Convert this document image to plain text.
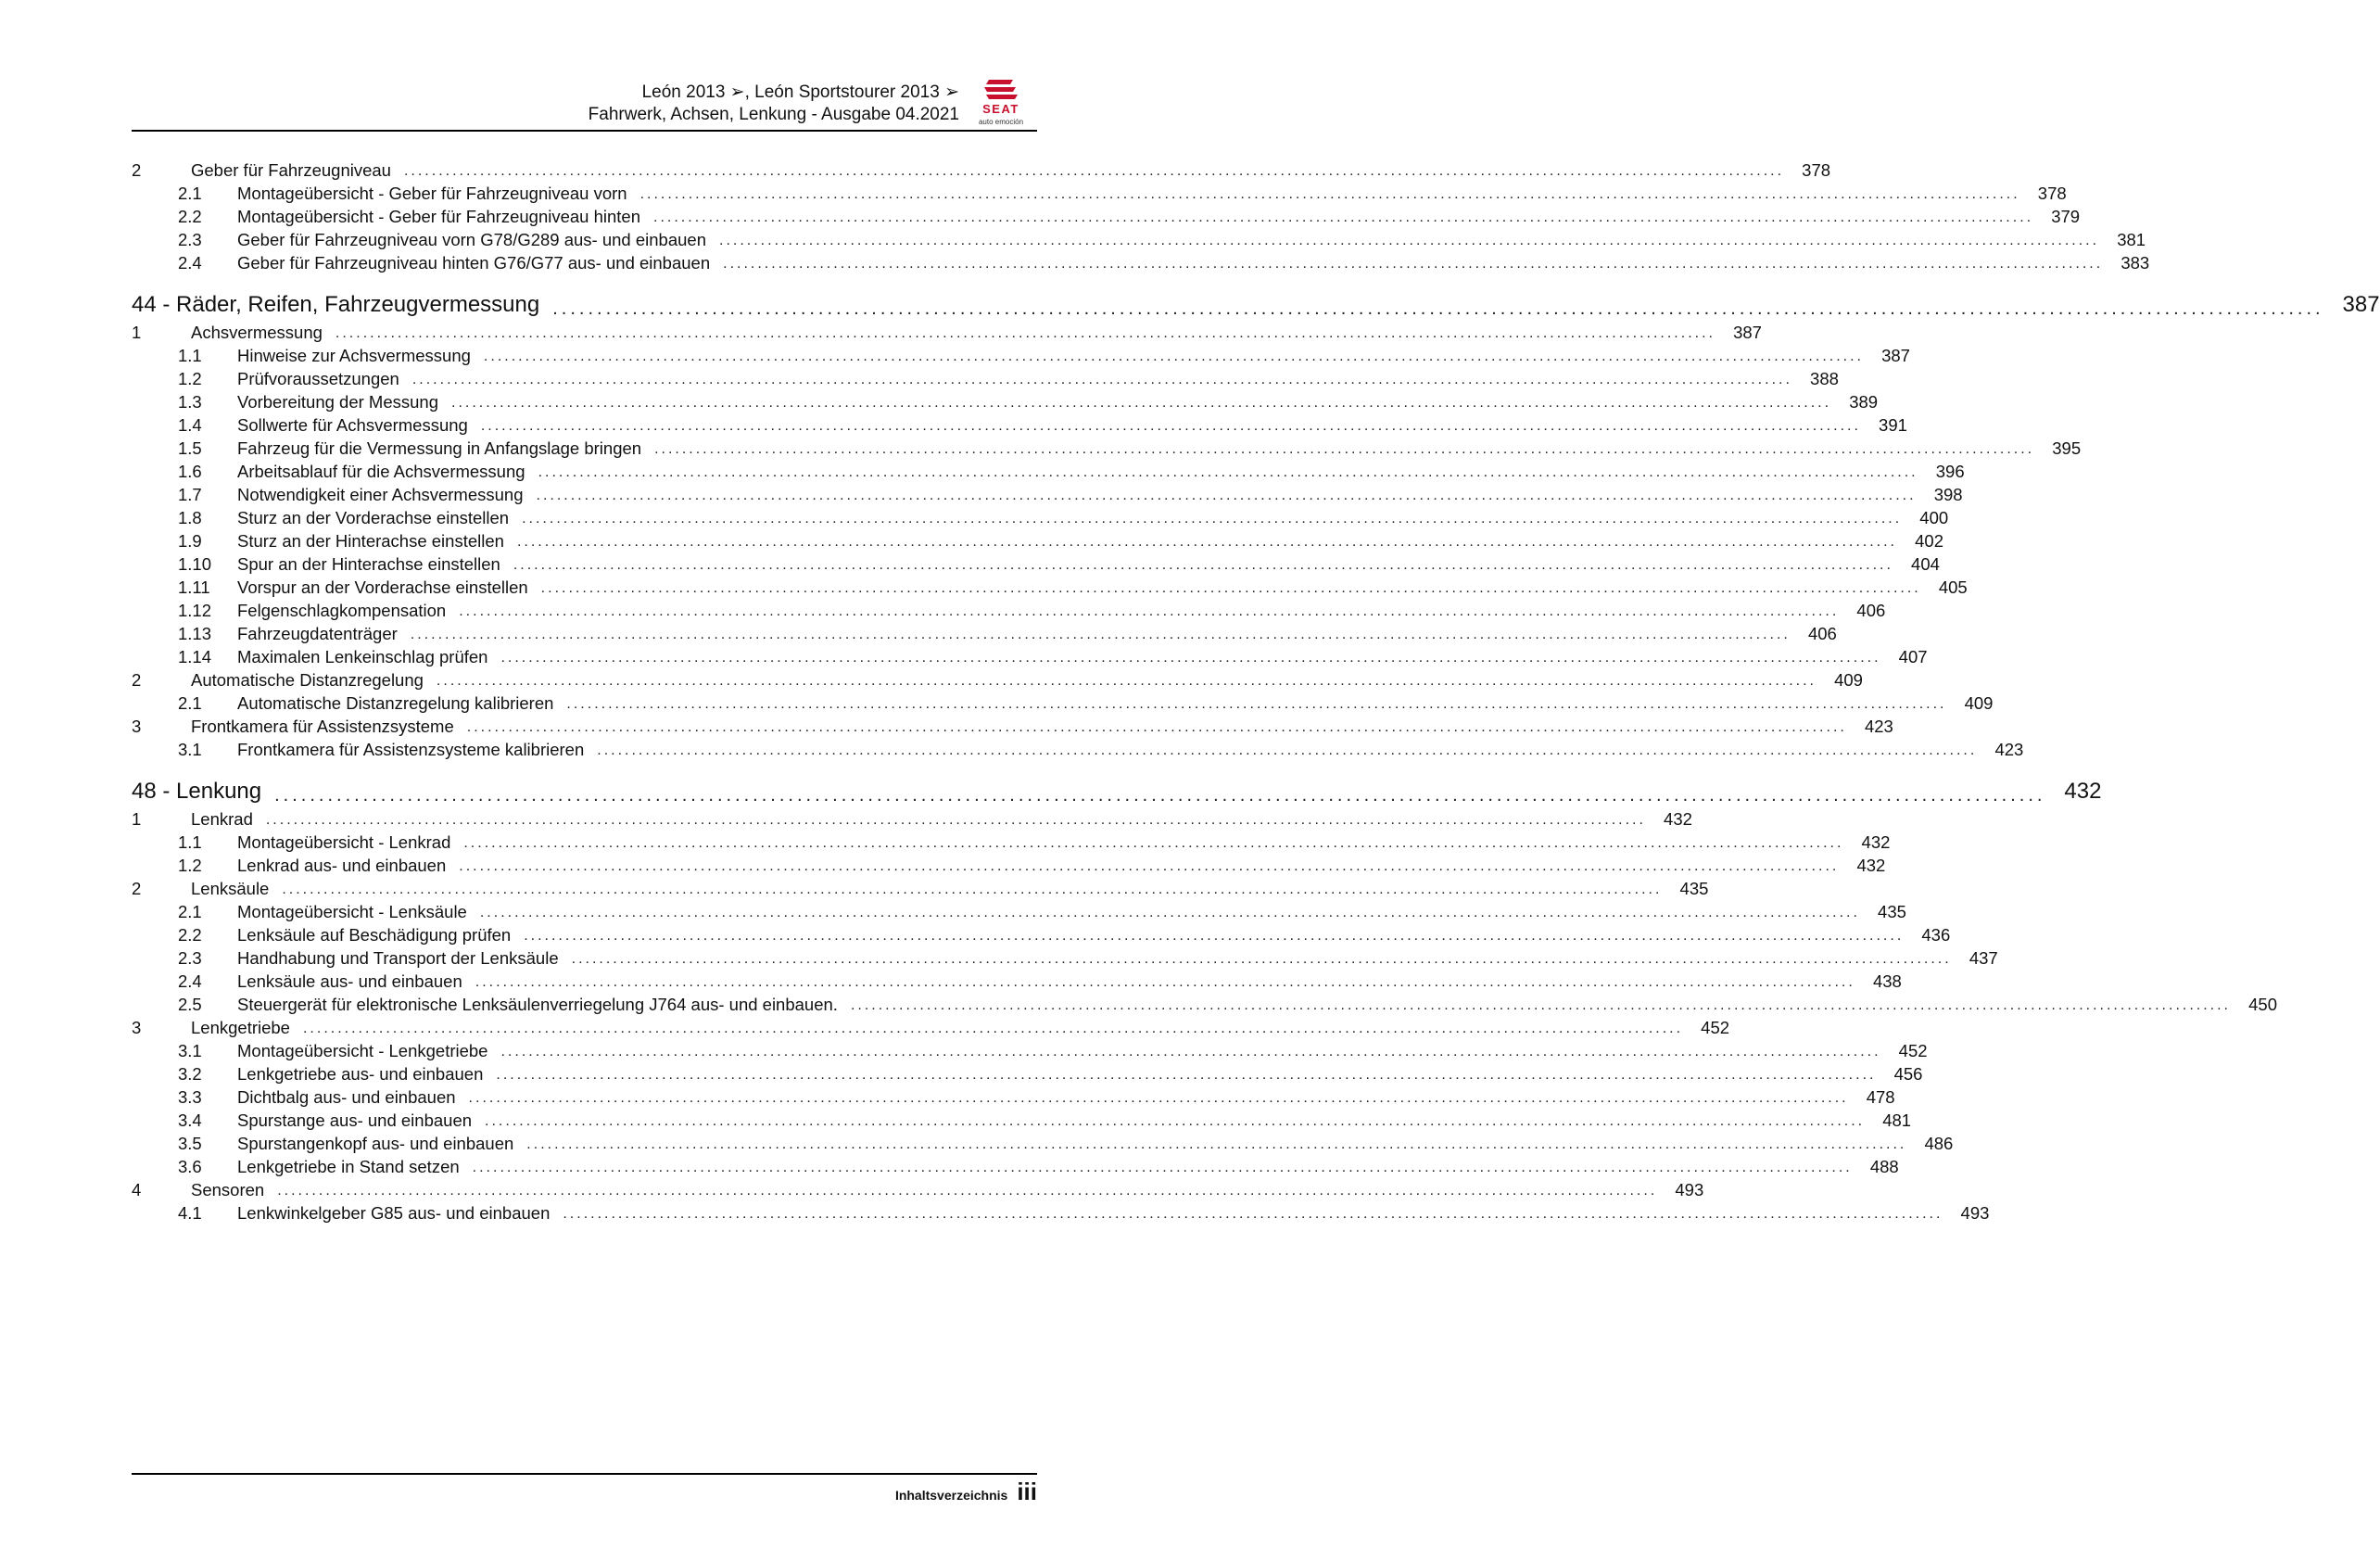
León 2013 ➢, León Sportstourer 2013 ➢
Fahrwerk, Achsen, Lenkung - Ausgabe 04.2021 SEAT
auto emoción
2	Geber für Fahrzeugniveau ........................................................................................................................................................................................................	378
2.1	Montageübersicht - Geber für Fahrzeugniveau vorn ........................................................................................................................................................................................................	378
2.2	Montageübersicht - Geber für Fahrzeugniveau hinten ........................................................................................................................................................................................................	379
2.3	Geber für Fahrzeugniveau vorn G78/G289 aus- und einbauen ........................................................................................................................................................................................................	381
2.4	Geber für Fahrzeugniveau hinten G76/G77 aus- und einbauen ........................................................................................................................................................................................................	383
44 - Räder, Reifen, Fahrzeugvermessung ........................................................................................................................................................................................................ 387
1	Achsvermessung ........................................................................................................................................................................................................	387
1.1	Hinweise zur Achsvermessung ........................................................................................................................................................................................................	387
1.2	Prüfvoraussetzungen ........................................................................................................................................................................................................	388
1.3	Vorbereitung der Messung ........................................................................................................................................................................................................	389
1.4	Sollwerte für Achsvermessung ........................................................................................................................................................................................................	391
1.5	Fahrzeug für die Vermessung in Anfangslage bringen ........................................................................................................................................................................................................	395
1.6	Arbeitsablauf für die Achsvermessung ........................................................................................................................................................................................................	396
1.7	Notwendigkeit einer Achsvermessung ........................................................................................................................................................................................................	398
1.8	Sturz an der Vorderachse einstellen ........................................................................................................................................................................................................	400
1.9	Sturz an der Hinterachse einstellen ........................................................................................................................................................................................................	402
1.10	Spur an der Hinterachse einstellen ........................................................................................................................................................................................................	404
1.11	Vorspur an der Vorderachse einstellen ........................................................................................................................................................................................................	405
1.12	Felgenschlagkompensation ........................................................................................................................................................................................................	406
1.13	Fahrzeugdatenträger ........................................................................................................................................................................................................	406
1.14	Maximalen Lenkeinschlag prüfen ........................................................................................................................................................................................................	407
2	Automatische Distanzregelung ........................................................................................................................................................................................................	409
2.1	Automatische Distanzregelung kalibrieren ........................................................................................................................................................................................................	409
3	Frontkamera für Assistenzsysteme ........................................................................................................................................................................................................	423
3.1	Frontkamera für Assistenzsysteme kalibrieren ........................................................................................................................................................................................................	423
48 - Lenkung ........................................................................................................................................................................................................ 432
1	Lenkrad ........................................................................................................................................................................................................	432
1.1	Montageübersicht - Lenkrad ........................................................................................................................................................................................................	432
1.2	Lenkrad aus- und einbauen ........................................................................................................................................................................................................	432
2	Lenksäule ........................................................................................................................................................................................................	435
2.1	Montageübersicht - Lenksäule ........................................................................................................................................................................................................	435
2.2	Lenksäule auf Beschädigung prüfen ........................................................................................................................................................................................................	436
2.3	Handhabung und Transport der Lenksäule ........................................................................................................................................................................................................	437
2.4	Lenksäule aus- und einbauen ........................................................................................................................................................................................................	438
2.5	Steuergerät für elektronische Lenksäulenverriegelung J764 aus- und einbauen. ........................................................................................................................................................................................................	450
3	Lenkgetriebe ........................................................................................................................................................................................................	452
3.1	Montageübersicht - Lenkgetriebe ........................................................................................................................................................................................................	452
3.2	Lenkgetriebe aus- und einbauen ........................................................................................................................................................................................................	456
3.3	Dichtbalg aus- und einbauen ........................................................................................................................................................................................................	478
3.4	Spurstange aus- und einbauen ........................................................................................................................................................................................................	481
3.5	Spurstangenkopf aus- und einbauen ........................................................................................................................................................................................................	486
3.6	Lenkgetriebe in Stand setzen ........................................................................................................................................................................................................	488
4	Sensoren ........................................................................................................................................................................................................	493
4.1	Lenkwinkelgeber G85 aus- und einbauen ........................................................................................................................................................................................................	493
Inhaltsverzeichnis iii
